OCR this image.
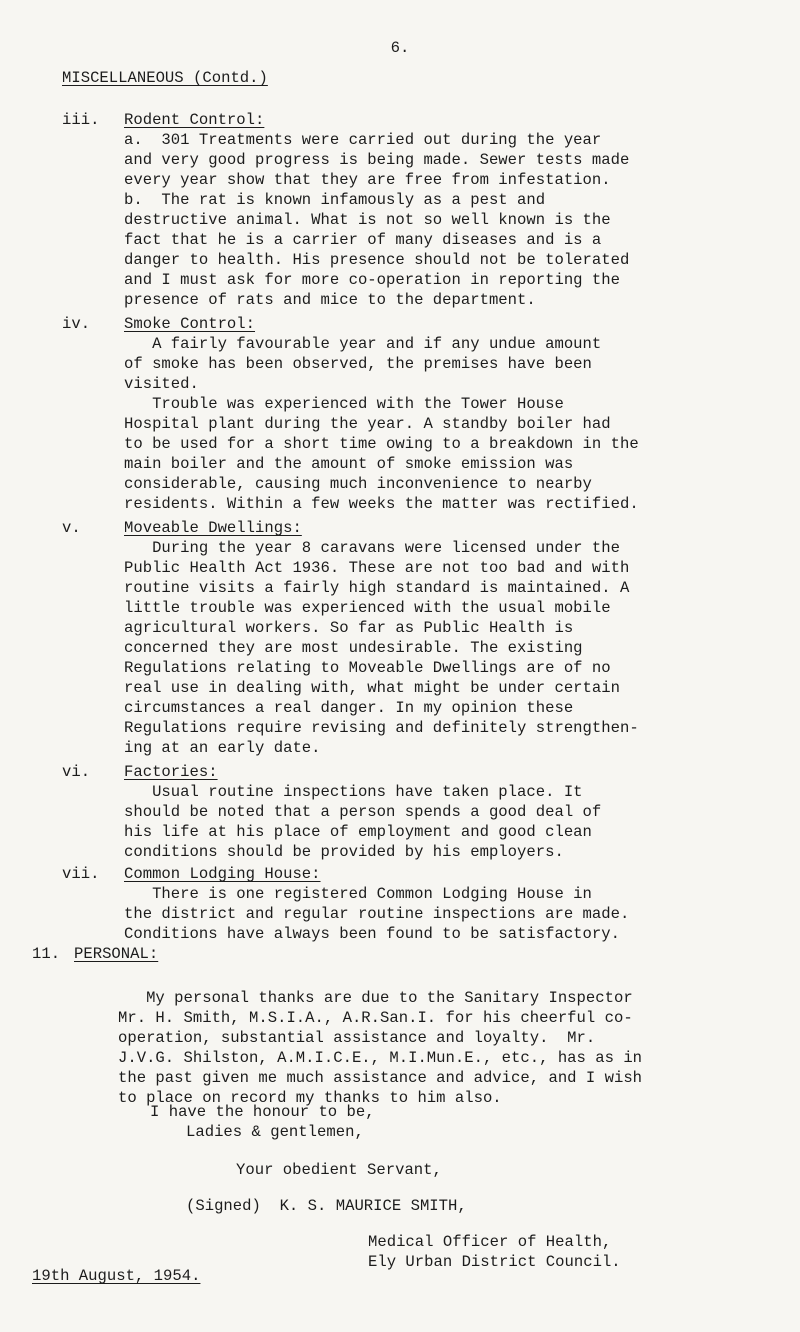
6.
MISCELLANEOUS (Contd.)
iii. Rodent Control:
a.  301 Treatments were carried out during the year
and very good progress is being made. Sewer tests made
every year show that they are free from infestation.
b.  The rat is known infamously as a pest and
destructive animal. What is not so well known is the
fact that he is a carrier of many diseases and is a
danger to health. His presence should not be tolerated
and I must ask for more co-operation in reporting the
presence of rats and mice to the department.
iv. Smoke Control:
A fairly favourable year and if any undue amount
of smoke has been observed, the premises have been
visited.
Trouble was experienced with the Tower House
Hospital plant during the year. A standby boiler had
to be used for a short time owing to a breakdown in the
main boiler and the amount of smoke emission was
considerable, causing much inconvenience to nearby
residents. Within a few weeks the matter was rectified.
v.	Moveable Dwellings:
During the year 8 caravans were licensed under the
Public Health Act 1936. These are not too bad and with
routine visits a fairly high standard is maintained. A
little trouble was experienced with the usual mobile
agricultural workers. So far as Public Health is
concerned they are most undesirable. The existing
Regulations relating to Moveable Dwellings are of no
real use in dealing with, what might be under certain
circumstances a real danger. In my opinion these
Regulations require revising and definitely strengthen-
ing at an early date.
vi. Factories:
Usual routine inspections have taken place. It
should be noted that a person spends a good deal of
his life at his place of employment and good clean
conditions should be provided by his employers.
vii. Common Lodging House:
There is one registered Common Lodging House in
the district and regular routine inspections are made.
Conditions have always been found to be satisfactory.
11. PERSONAL:
My personal thanks are due to the Sanitary Inspector
Mr. H. Smith, M.S.I.A., A.R.San.I. for his cheerful co-
operation, substantial assistance and loyalty.  Mr.
J.V.G. Shilston, A.M.I.C.E., M.I.Mun.E., etc., has as in
the past given me much assistance and advice, and I wish
to place on record my thanks to him also.
I have the honour to be,
Ladies & gentlemen,
Your obedient Servant,
(Signed)  K. S. MAURICE SMITH,
Medical Officer of Health,
Ely Urban District Council.
19th August, 1954.
